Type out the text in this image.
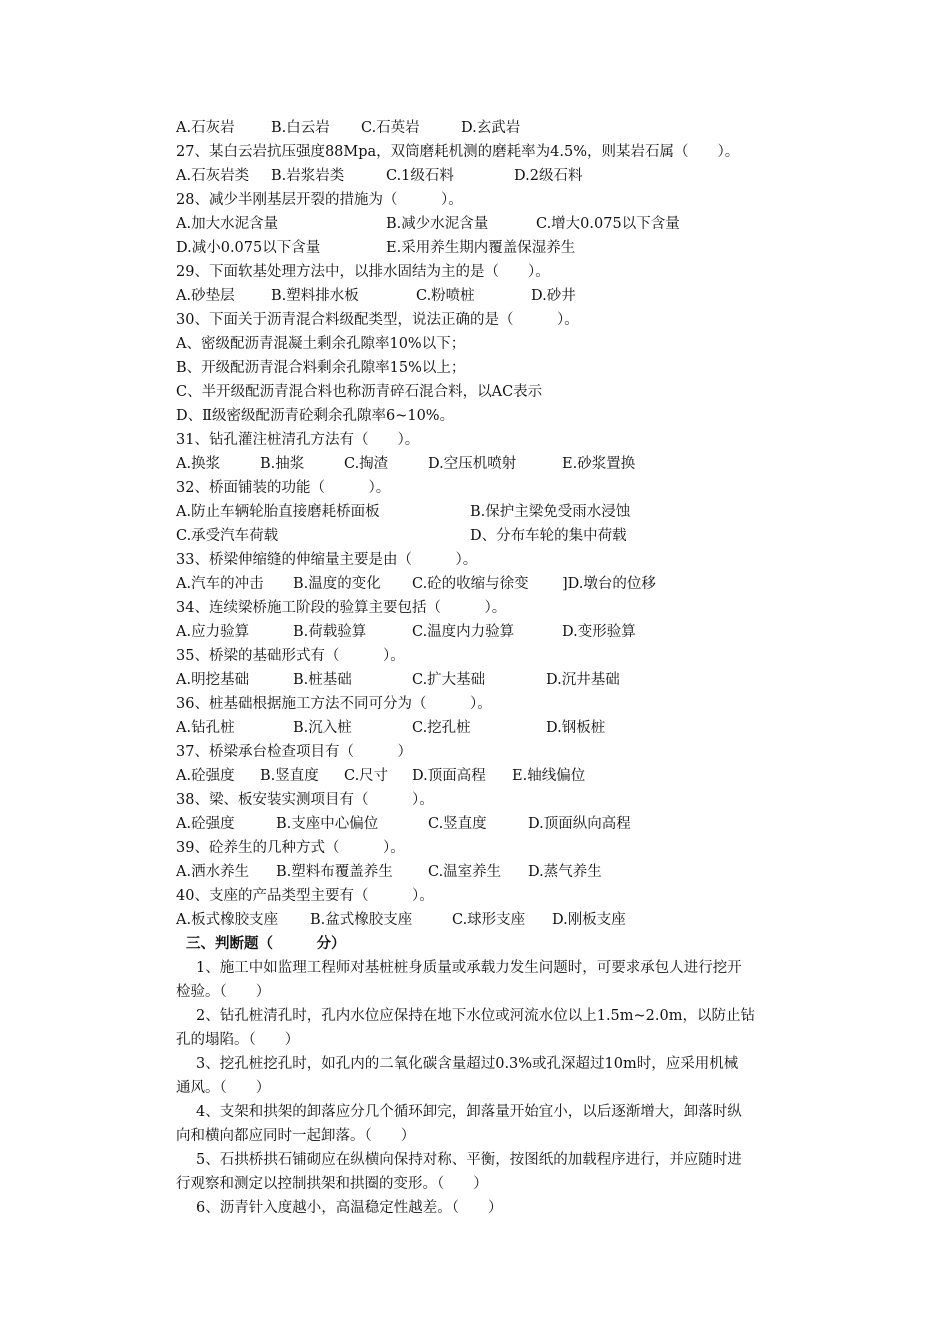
A.石灰岩

	B.白云岩

C.石英岩

	D.玄武岩

27、某白云岩抗压强度88Mpa，双筒磨耗机测的磨耗率为4.5%，则某岩石属（　　）。

A.石灰岩类

B.岩浆岩类

	C.1级石料

	D.2级石料

28、减少半刚基层开裂的措施为（　　　）。

A.加大水泥含量

	B.减少水泥含量

	C.增大0.075以下含量

D.减小0.075以下含量

	E.采用养生期内覆盖保湿养生

29、下面软基处理方法中，以排水固结为主的是（　　）。

A.砂垫层

	B.塑料排水板

	C.粉喷桩

	D.砂井

30、下面关于沥青混合料级配类型，说法正确的是（　　　）。
A、密级配沥青混凝土剩余孔隙率10%以下；
B、开级配沥青混合料剩余孔隙率15%以上；
C、半开级配沥青混合料也称沥青碎石混合料，以AC表示
D、Ⅱ级密级配沥青砼剩余孔隙率6~10%。
31、钻孔灌注桩清孔方法有（　　）。

A.换浆

	B.抽浆

	C.掏渣

	D.空压机喷射

	E.砂浆置换

32、桥面铺装的功能（　　　）。

A.防止车辆轮胎直接磨耗桥面板

	B.保护主梁免受雨水浸蚀

C.承受汽车荷载

	D、分布车轮的集中荷载

33、桥梁伸缩缝的伸缩量主要是由（　　　）。

A.汽车的冲击

B.温度的变化

C.砼的收缩与徐变

]D.墩台的位移

34、连续梁桥施工阶段的验算主要包括（　　　）。

A.应力验算

	B.荷载验算

	C.温度内力验算

	D.变形验算

35、桥梁的基础形式有（　　　）。

A.明挖基础

	B.桩基础

	C.扩大基础

	D.沉井基础

36、桩基础根据施工方法不同可分为（　　　）。

A.钻孔桩

	B.沉入桩

	C.挖孔桩

	D.钢板桩

37、桥梁承台检查项目有（　　　）

A.砼强度

B.竖直度

C.尺寸

D.顶面高程

E.轴线偏位

38、梁、板安装实测项目有（　　　）。

A.砼强度

	B.支座中心偏位

	C.竖直度

	D.顶面纵向高程

39、砼养生的几种方式（　　　）。

A.洒水养生

B.塑料布覆盖养生

C.温室养生

D.蒸气养生

40、支座的产品类型主要有（　　　）。

A.板式橡胶支座

B.盆式橡胶支座

	C.球形支座

D.刚板支座

三、判断题（　　　分）
1、施工中如监理工程师对基桩桩身质量或承载力发生问题时，可要求承包人进行挖开
检验。（　　）
2、钻孔桩清孔时，孔内水位应保持在地下水位或河流水位以上1.5m~2.0m，以防止钻
孔的塌陷。（　　）
3、挖孔桩挖孔时，如孔内的二氧化碳含量超过0.3%或孔深超过10m时，应采用机械
通风。（　　）
4、支架和拱架的卸落应分几个循环卸完，卸落量开始宜小，以后逐渐增大，卸落时纵
向和横向都应同时一起卸落。（　　）
5、石拱桥拱石铺砌应在纵横向保持对称、平衡，按图纸的加载程序进行，并应随时进
行观察和测定以控制拱架和拱圈的变形。（　　）
6、沥青针入度越小，高温稳定性越差。（　　）
